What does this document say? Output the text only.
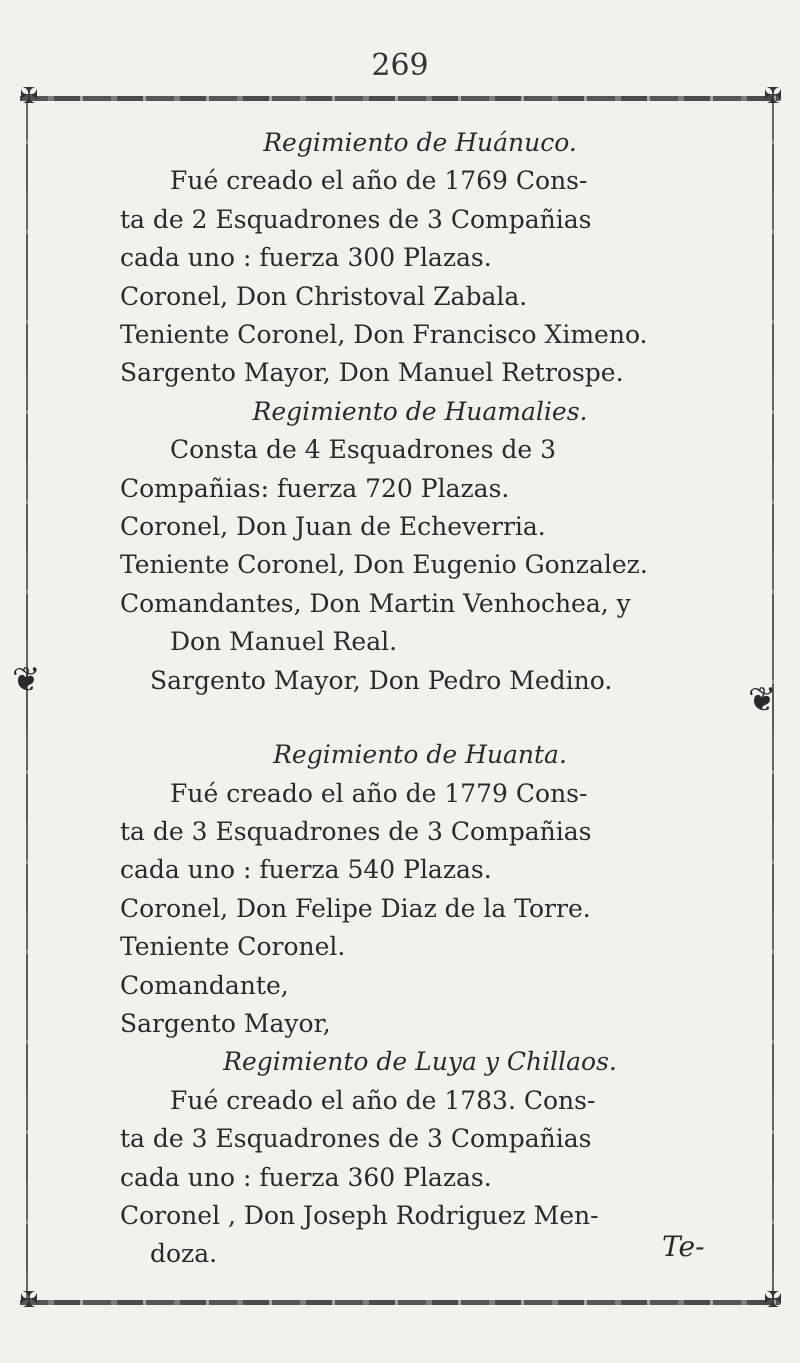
269
✠	✠
✠	✠
❦	❦
Regimiento de Huánuco.
Fué creado el año de 1769 Cons-
ta de 2 Esquadrones de 3 Compañias
cada uno : fuerza 300 Plazas.
Coronel, Don Christoval Zabala.
Teniente Coronel, Don Francisco Ximeno.
Sargento Mayor, Don Manuel Retrospe.
Regimiento de Huamalies.
Consta de 4 Esquadrones de 3
Compañias: fuerza 720 Plazas.
Coronel, Don Juan de Echeverria.
Teniente Coronel, Don Eugenio Gonzalez.
Comandantes, Don Martin Venhochea, y
Don Manuel Real.
Sargento Mayor, Don Pedro Medino.
Regimiento de Huanta.
Fué creado el año de 1779 Cons-
ta de 3 Esquadrones de 3 Compañias
cada uno : fuerza 540 Plazas.
Coronel, Don Felipe Diaz de la Torre.
Teniente Coronel.
Comandante,
Sargento Mayor,
Regimiento de Luya y Chillaos.
Fué creado el año de 1783. Cons-
ta de 3 Esquadrones de 3 Compañias
cada uno : fuerza 360 Plazas.
Coronel , Don Joseph Rodriguez Men-
doza.	Te-
